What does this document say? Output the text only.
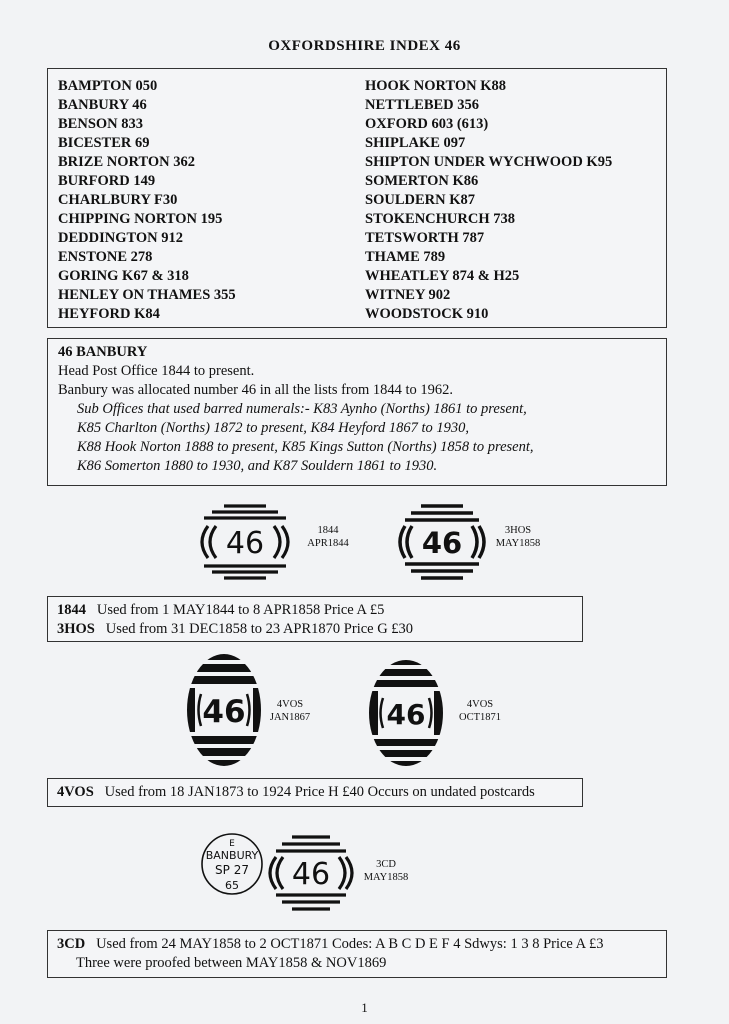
OXFORDSHIRE INDEX 46
BAMPTON 050
BANBURY 46
BENSON 833
BICESTER 69
BRIZE NORTON 362
BURFORD 149
CHARLBURY F30
CHIPPING NORTON 195
DEDDINGTON 912
ENSTONE 278
GORING K67 & 318
HENLEY ON THAMES 355
HEYFORD K84
HOOK NORTON K88
NETTLEBED 356
OXFORD 603 (613)
SHIPLAKE 097
SHIPTON UNDER WYCHWOOD K95
SOMERTON K86
SOULDERN K87
STOKENCHURCH 738
TETSWORTH 787
THAME 789
WHEATLEY 874 & H25
WITNEY 902
WOODSTOCK 910
46 BANBURY
Head Post Office 1844 to present.
Banbury was allocated number 46 in all the lists from 1844 to 1962.
Sub Offices that used barred numerals:- K83 Aynho (Norths) 1861 to present,
K85 Charlton (Norths) 1872 to present, K84 Heyford 1867 to 1930,
K88 Hook Norton 1888 to present, K85 Kings Sutton (Norths) 1858 to present,
K86 Somerton 1880 to 1930, and K87 Souldern 1861 to 1930.
46	1844
APR1844	46	3HOS
MAY1858
1844 Used from 1 MAY1844 to 8 APR1858 Price A £5
3HOS Used from 31 DEC1858 to 23 APR1870 Price G £30
46	4VOS
JAN1867	46	4VOS
OCT1871
4VOS Used from 18 JAN1873 to 1924 Price H £40 Occurs on undated postcards
E
BANBURY
SP 27
65 46	3CD
MAY1858
3CD Used from 24 MAY1858 to 2 OCT1871 Codes: A B C D E F 4 Sdwys: 1 3 8 Price A £3
Three were proofed between MAY1858 & NOV1869
1
